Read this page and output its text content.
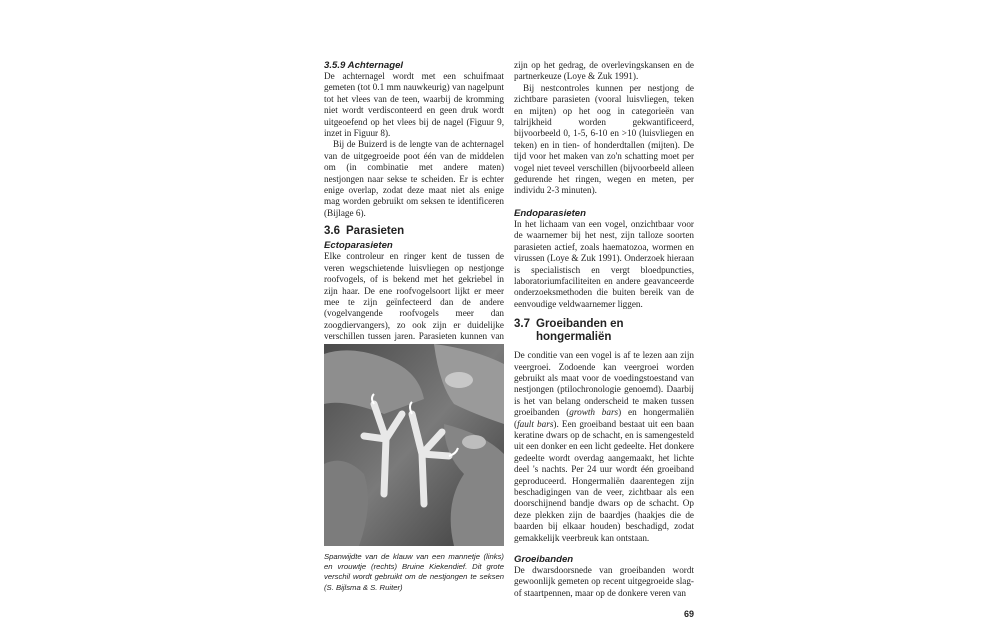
3.5.9 Achternagel

De achternagel wordt met een schuifmaat gemeten (tot 0.1 mm nauwkeurig) van nagelpunt tot het vlees van de teen, waarbij de kromming niet wordt verdisconteerd en geen druk wordt uitgeoefend op het vlees bij de nagel (Figuur 9, inzet in Figuur 8).

Bij de Buizerd is de lengte van de achternagel van de uitgegroeide poot één van de middelen om (in combinatie met andere maten) nestjongen naar sekse te scheiden. Er is echter enige overlap, zodat deze maat niet als enige mag worden gebruikt om seksen te identificeren (Bijlage 6).

3.6 Parasieten
Ectoparasieten

Elke controleur en ringer kent de tussen de veren wegschietende luisvliegen op nestjonge roofvogels, of is bekend met het gekriebel in zijn haar. De ene roofvogelsoort lijkt er meer mee te zijn geïnfecteerd dan de andere (vogelvangende roofvogels meer dan zoogdiervangers), zo ook zijn er duidelijke verschillen tussen jaren. Parasieten kunnen van

Spanwijdte van de klauw van een mannetje (links) en vrouwtje (rechts) Bruine Kiekendief. Dit grote verschil wordt gebruikt om de nestjongen te seksen (S. Bijlsma & S. Ruiter)

zijn op het gedrag, de overlevingskansen en de partnerkeuze (Loye & Zuk 1991).

Bij nestcontroles kunnen per nestjong de zichtbare parasieten (vooral luisvliegen, teken en mijten) op het oog in categorieën van talrijkheid worden gekwantificeerd, bijvoorbeeld 0, 1-5, 6-10 en >10 (luisvliegen en teken) en in tien- of honderdtallen (mijten). De tijd voor het maken van zo'n schatting moet per vogel niet teveel verschillen (bijvoorbeeld alleen gedurende het ringen, wegen en meten, per individu 2-3 minuten).

Endoparasieten

In het lichaam van een vogel, onzichtbaar voor de waarnemer bij het nest, zijn talloze soorten parasieten actief, zoals haematozoa, wormen en virussen (Loye & Zuk 1991). Onderzoek hieraan is specialistisch en vergt bloedpuncties, laboratoriumfaciliteiten en andere geavanceerde onderzoeksmethoden die buiten bereik van de eenvoudige veldwaarnemer liggen.

3.7 Groeibanden en
hongermaliën

De conditie van een vogel is af te lezen aan zijn veergroei. Zodoende kan veergroei worden gebruikt als maat voor de voedingstoestand van nestjongen (ptilochronologie genoemd). Daarbij is het van belang onderscheid te maken tussen groeibanden (growth bars) en hongermaliën (fault bars). Een groeiband bestaat uit een baan keratine dwars op de schacht, en is samengesteld uit een donker en een licht gedeelte. Het donkere gedeelte wordt overdag aangemaakt, het lichte deel 's nachts. Per 24 uur wordt één groeiband geproduceerd. Hongermaliën daarentegen zijn beschadigingen van de veer, zichtbaar als een doorschijnend bandje dwars op de schacht. Op deze plekken zijn de baardjes (haakjes die de baarden bij elkaar houden) beschadigd, zodat gemakkelijk veerbreuk kan ontstaan.

Groeibanden

De dwarsdoorsnede van groeibanden wordt gewoonlijk gemeten op recent uitgegroeide slag- of staartpennen, maar op de donkere veren van

69
